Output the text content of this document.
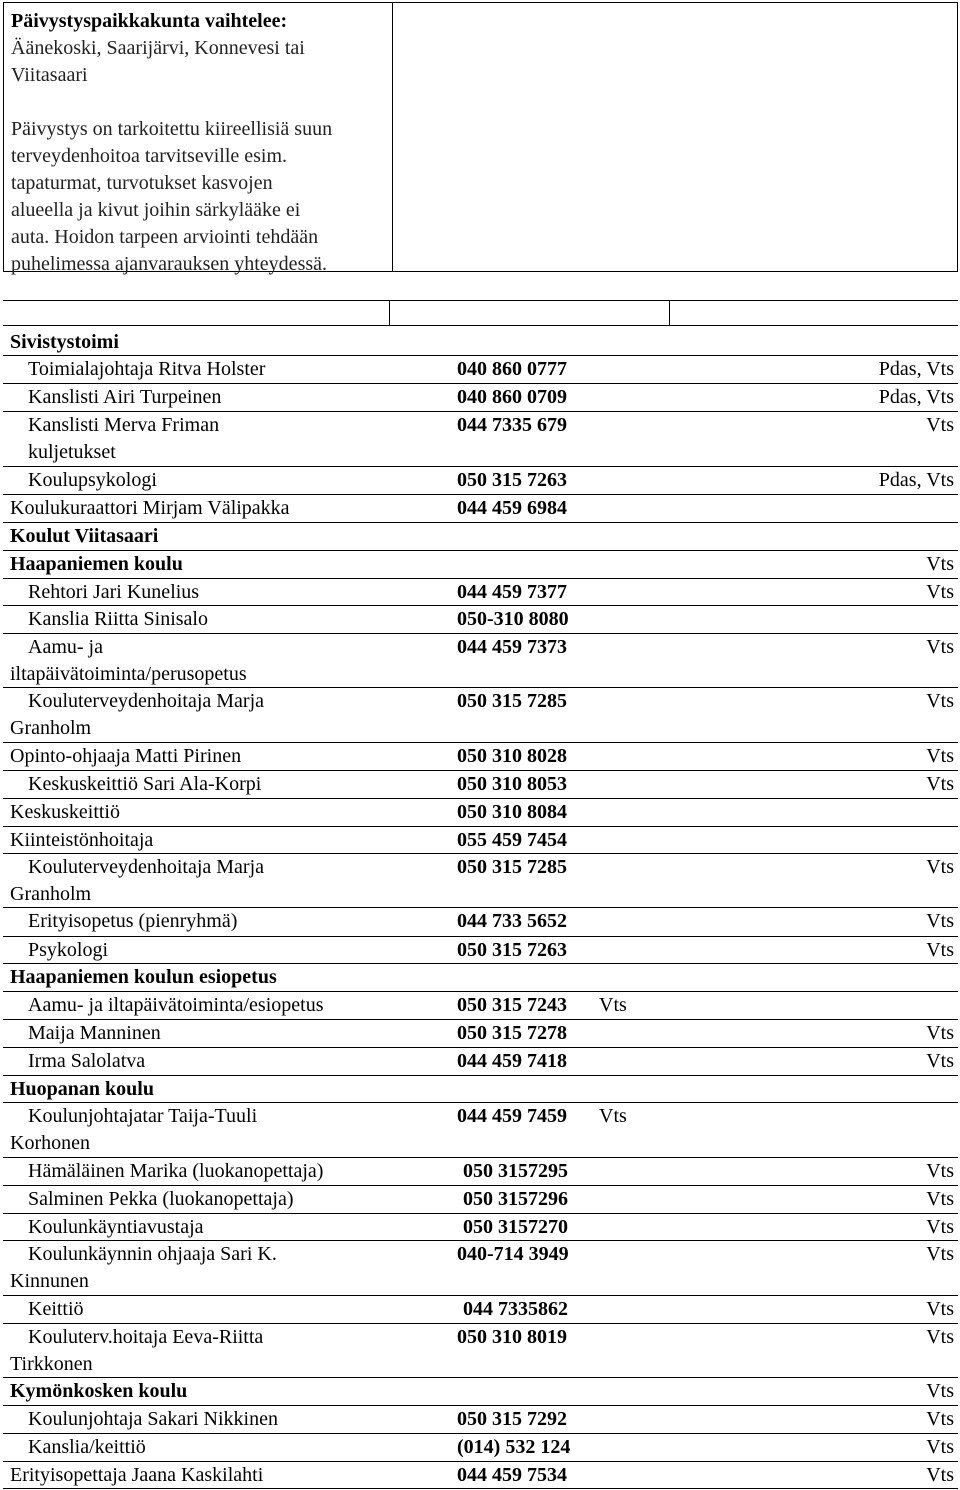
Päivystyspaikkakunta vaihtelee:
Äänekoski, Saarijärvi, Konnevesi tai
Viitasaari
Päivystys on tarkoitettu kiireellisiä suun
terveydenhoitoa tarvitseville esim.
tapaturmat, turvotukset kasvojen
alueella ja kivut joihin särkylääke ei
auta. Hoidon tarpeen arviointi tehdään
puhelimessa ajanvarauksen yhteydessä.
Sivistystoimi
Toimialajohtaja Ritva Holster	040 860 0777	Pdas, Vts
Kanslisti Airi Turpeinen	040 860 0709	Pdas, Vts
Kanslisti Merva Friman
kuljetukset
044 7335 679	Vts
Koulupsykologi	050 315 7263	Pdas, Vts
Koulukuraattori Mirjam Välipakka	044 459 6984
Koulut Viitasaari
Haapaniemen koulu	Vts
Rehtori Jari Kunelius	044 459 7377	Vts
Kanslia Riitta Sinisalo	050-310 8080
Aamu- ja
iltapäivätoiminta/perusopetus
044 459 7373	Vts
Kouluterveydenhoitaja Marja
Granholm
050 315 7285	Vts
Opinto-ohjaaja Matti Pirinen	050 310 8028	Vts
Keskuskeittiö Sari Ala-Korpi	050 310 8053	Vts
Keskuskeittiö	050 310 8084
Kiinteistönhoitaja	055 459 7454
Kouluterveydenhoitaja Marja
Granholm
050 315 7285	Vts
Erityisopetus (pienryhmä)	044 733 5652	Vts
Psykologi	050 315 7263	Vts
Haapaniemen koulun esiopetus
Aamu- ja iltapäivätoiminta/esiopetus	050 315 7243 Vts
Maija Manninen	050 315 7278	Vts
Irma Salolatva	044 459 7418	Vts
Huopanan koulu
Koulunjohtajatar Taija-Tuuli
Korhonen
044 459 7459 Vts
Hämäläinen Marika (luokanopettaja)	050 3157295	Vts
Salminen Pekka (luokanopettaja)	050 3157296	Vts
Koulunkäyntiavustaja	050 3157270	Vts
Koulunkäynnin ohjaaja Sari K.
Kinnunen
040-714 3949	Vts
Keittiö	044 7335862	Vts
Kouluterv.hoitaja Eeva-Riitta
Tirkkonen
050 310 8019	Vts
Kymönkosken koulu	Vts
Koulunjohtaja Sakari Nikkinen	050 315 7292	Vts
Kanslia/keittiö	(014) 532 124	Vts
Erityisopettaja Jaana Kaskilahti	044 459 7534	Vts
